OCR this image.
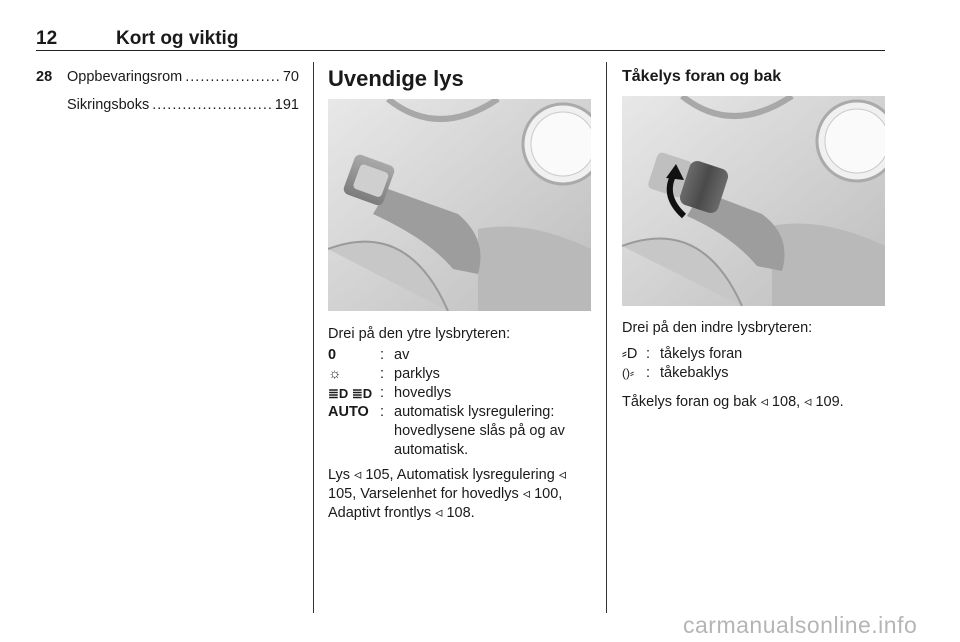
12	Kort og viktig
28 Oppbevaringsrom .....	70
Sikringsboks .....	191
Uvendige lys
Drei på den ytre lysbryteren:
0	: av
☼	: parklys
≣D ≣D : hovedlys
AUTO : automatisk lysregulering: hovedlysene slås på og av automatisk.
Lys ◃ 105, Automatisk lysregulering ◃ 105, Varselenhet for hovedlys ◃ 100, Adaptivt frontlys ◃ 108.
Tåkelys foran og bak
Drei på den indre lysbryteren:
⸗D : tåkelys foran
()⸗ : tåkebaklys
Tåkelys foran og bak ◃ 108, ◃ 109.
carmanualsonline.info
